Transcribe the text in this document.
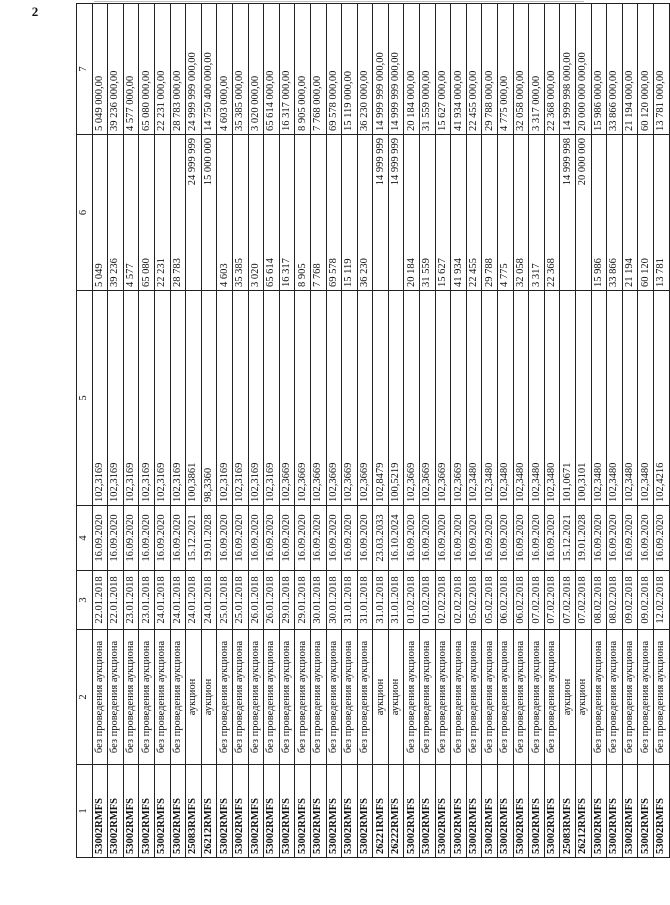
2
1	2	3	4	5	6	7
53002RMFS	без проведения аукциона	22.01.2018	16.09.2020	102,3169	5 049	5 049 000,00
53002RMFS	без проведения аукциона	22.01.2018	16.09.2020	102,3169	39 236	39 236 000,00
53002RMFS	без проведения аукциона	23.01.2018	16.09.2020	102,3169	4 577	4 577 000,00
53002RMFS	без проведения аукциона	23.01.2018	16.09.2020	102,3169	65 080	65 080 000,00
53002RMFS	без проведения аукциона	24.01.2018	16.09.2020	102,3169	22 231	22 231 000,00
53002RMFS	без проведения аукциона	24.01.2018	16.09.2020	102,3169	28 783	28 783 000,00
25083RMFS	аукцион	24.01.2018	15.12.2021	100,3861	24 999 999	24 999 999 000,00
26212RMFS	аукцион	24.01.2018	19.01.2028	98,3360	15 000 000	14 750 400 000,00
53002RMFS	без проведения аукциона	25.01.2018	16.09.2020	102,3169	4 603	4 603 000,00
53002RMFS	без проведения аукциона	25.01.2018	16.09.2020	102,3169	35 385	35 385 000,00
53002RMFS	без проведения аукциона	26.01.2018	16.09.2020	102,3169	3 020	3 020 000,00
53002RMFS	без проведения аукциона	26.01.2018	16.09.2020	102,3169	65 614	65 614 000,00
53002RMFS	без проведения аукциона	29.01.2018	16.09.2020	102,3669	16 317	16 317 000,00
53002RMFS	без проведения аукциона	29.01.2018	16.09.2020	102,3669	8 905	8 905 000,00
53002RMFS	без проведения аукциона	30.01.2018	16.09.2020	102,3669	7 768	7 768 000,00
53002RMFS	без проведения аукциона	30.01.2018	16.09.2020	102,3669	69 578	69 578 000,00
53002RMFS	без проведения аукциона	31.01.2018	16.09.2020	102,3669	15 119	15 119 000,00
53002RMFS	без проведения аукциона	31.01.2018	16.09.2020	102,3669	36 230	36 230 000,00
26221RMFS	аукцион	31.01.2018	23.03.2033	102,8479	14 999 999	14 999 999 000,00
26222RMFS	аукцион	31.01.2018	16.10.2024	100,5219	14 999 999	14 999 999 000,00
53002RMFS	без проведения аукциона	01.02.2018	16.09.2020	102,3669	20 184	20 184 000,00
53002RMFS	без проведения аукциона	01.02.2018	16.09.2020	102,3669	31 559	31 559 000,00
53002RMFS	без проведения аукциона	02.02.2018	16.09.2020	102,3669	15 627	15 627 000,00
53002RMFS	без проведения аукциона	02.02.2018	16.09.2020	102,3669	41 934	41 934 000,00
53002RMFS	без проведения аукциона	05.02.2018	16.09.2020	102,3480	22 455	22 455 000,00
53002RMFS	без проведения аукциона	05.02.2018	16.09.2020	102,3480	29 788	29 788 000,00
53002RMFS	без проведения аукциона	06.02.2018	16.09.2020	102,3480	4 775	4 775 000,00
53002RMFS	без проведения аукциона	06.02.2018	16.09.2020	102,3480	32 058	32 058 000,00
53002RMFS	без проведения аукциона	07.02.2018	16.09.2020	102,3480	3 317	3 317 000,00
53002RMFS	без проведения аукциона	07.02.2018	16.09.2020	102,3480	22 368	22 368 000,00
25083RMFS	аукцион	07.02.2018	15.12.2021	101,0671	14 999 998	14 999 998 000,00
26212RMFS	аукцион	07.02.2018	19.01.2028	100,3101	20 000 000	20 000 000 000,00
53002RMFS	без проведения аукциона	08.02.2018	16.09.2020	102,3480	15 986	15 986 000,00
53002RMFS	без проведения аукциона	08.02.2018	16.09.2020	102,3480	33 866	33 866 000,00
53002RMFS	без проведения аукциона	09.02.2018	16.09.2020	102,3480	21 194	21 194 000,00
53002RMFS	без проведения аукциона	09.02.2018	16.09.2020	102,3480	60 120	60 120 000,00
53002RMFS	без проведения аукциона	12.02.2018	16.09.2020	102,4216	13 781	13 781 000,00
